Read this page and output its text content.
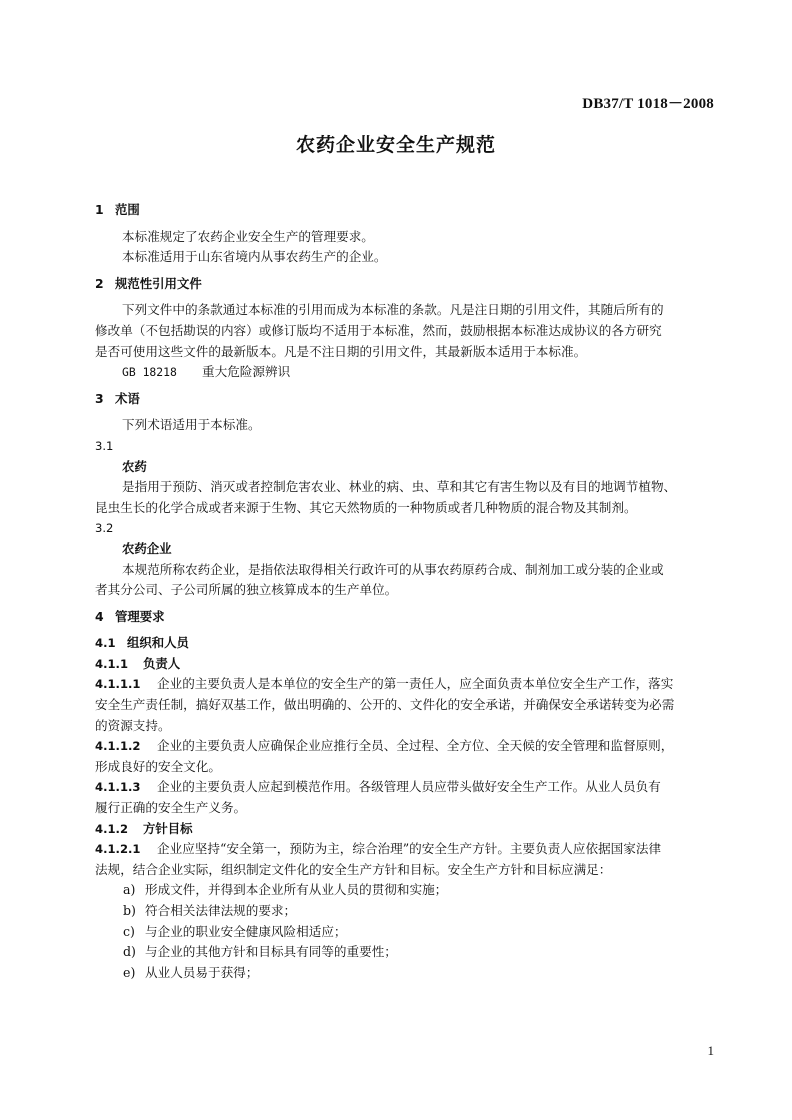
DB37/T 1018－2008
农药企业安全生产规范
1 范围
本标准规定了农药企业安全生产的管理要求。
本标准适用于山东省境内从事农药生产的企业。
2 规范性引用文件
下列文件中的条款通过本标准的引用而成为本标准的条款。凡是注日期的引用文件，其随后所有的
修改单（不包括勘误的内容）或修订版均不适用于本标准，然而，鼓励根据本标准达成协议的各方研究
是否可使用这些文件的最新版本。凡是不注日期的引用文件，其最新版本适用于本标准。
GB 18218 重大危险源辨识
3 术语
下列术语适用于本标准。
3.1
农药
是指用于预防、消灭或者控制危害农业、林业的病、虫、草和其它有害生物以及有目的地调节植物、
昆虫生长的化学合成或者来源于生物、其它天然物质的一种物质或者几种物质的混合物及其制剂。
3.2
农药企业
本规范所称农药企业，是指依法取得相关行政许可的从事农药原药合成、制剂加工或分装的企业或
者其分公司、子公司所属的独立核算成本的生产单位。
4 管理要求
4.1 组织和人员
4.1.1 负责人
4.1.1.1 企业的主要负责人是本单位的安全生产的第一责任人，应全面负责本单位安全生产工作，落实
安全生产责任制，搞好双基工作，做出明确的、公开的、文件化的安全承诺，并确保安全承诺转变为必需
的资源支持。
4.1.1.2 企业的主要负责人应确保企业应推行全员、全过程、全方位、全天候的安全管理和监督原则，
形成良好的安全文化。
4.1.1.3 企业的主要负责人应起到模范作用。各级管理人员应带头做好安全生产工作。从业人员负有
履行正确的安全生产义务。
4.1.2 方针目标
4.1.2.1 企业应坚持“安全第一，预防为主，综合治理”的安全生产方针。主要负责人应依据国家法律
法规，结合企业实际，组织制定文件化的安全生产方针和目标。安全生产方针和目标应满足：
a) 形成文件，并得到本企业所有从业人员的贯彻和实施；
b) 符合相关法律法规的要求；
c) 与企业的职业安全健康风险相适应；
d) 与企业的其他方针和目标具有同等的重要性；
e) 从业人员易于获得；
1
